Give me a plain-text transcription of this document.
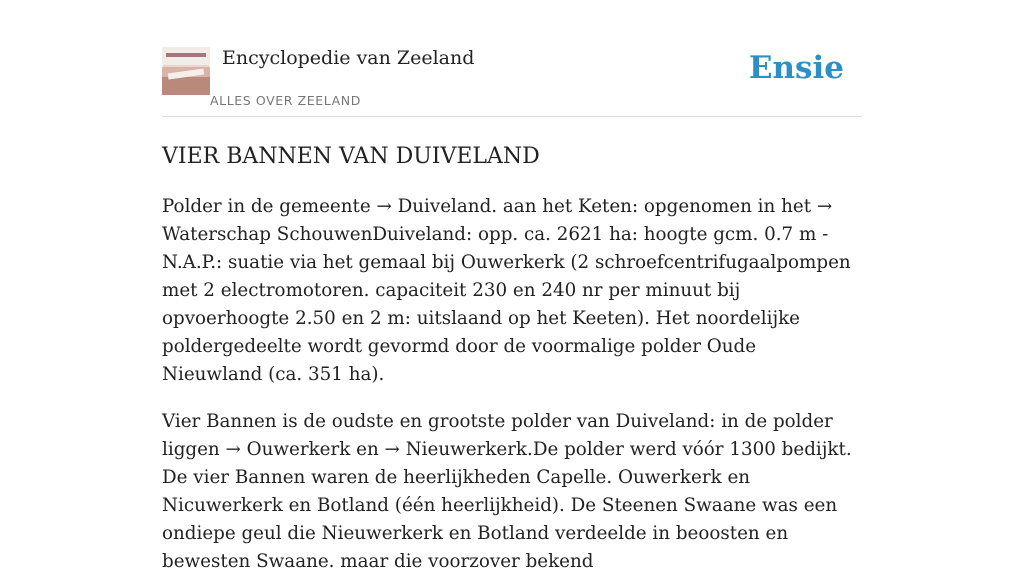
Encyclopedie van Zeeland
ALLES OVER ZEELAND
Ensie
VIER BANNEN VAN DUIVELAND

Polder in de gemeente → Duiveland. aan het Keten: opgenomen in het → Waterschap SchouwenDuiveland: opp. ca. 2621 ha: hoogte gcm. 0.7 m - N.A.P.: suatie via het gemaal bij Ouwerkerk (2 schroefcentrifugaalpompen met 2 electromotoren. capaciteit 230 en 240 nr per minuut bij opvoerhoogte 2.50 en 2 m: uitslaand op het Keeten). Het noordelijke poldergedeelte wordt gevormd door de voormalige polder Oude Nieuwland (ca. 351 ha).

Vier Bannen is de oudste en grootste polder van Duiveland: in de polder liggen → Ouwerkerk en → Nieuwerkerk.De polder werd vóór 1300 bedijkt. De vier Bannen waren de heerlijkheden Capelle. Ouwerkerk en Nicuwerkerk en Botland (één heerlijkheid). De Steenen Swaane was een ondiepe geul die Nieuwerkerk en Botland verdeelde in beoosten en bewesten Swaane. maar die voorzover bekend
